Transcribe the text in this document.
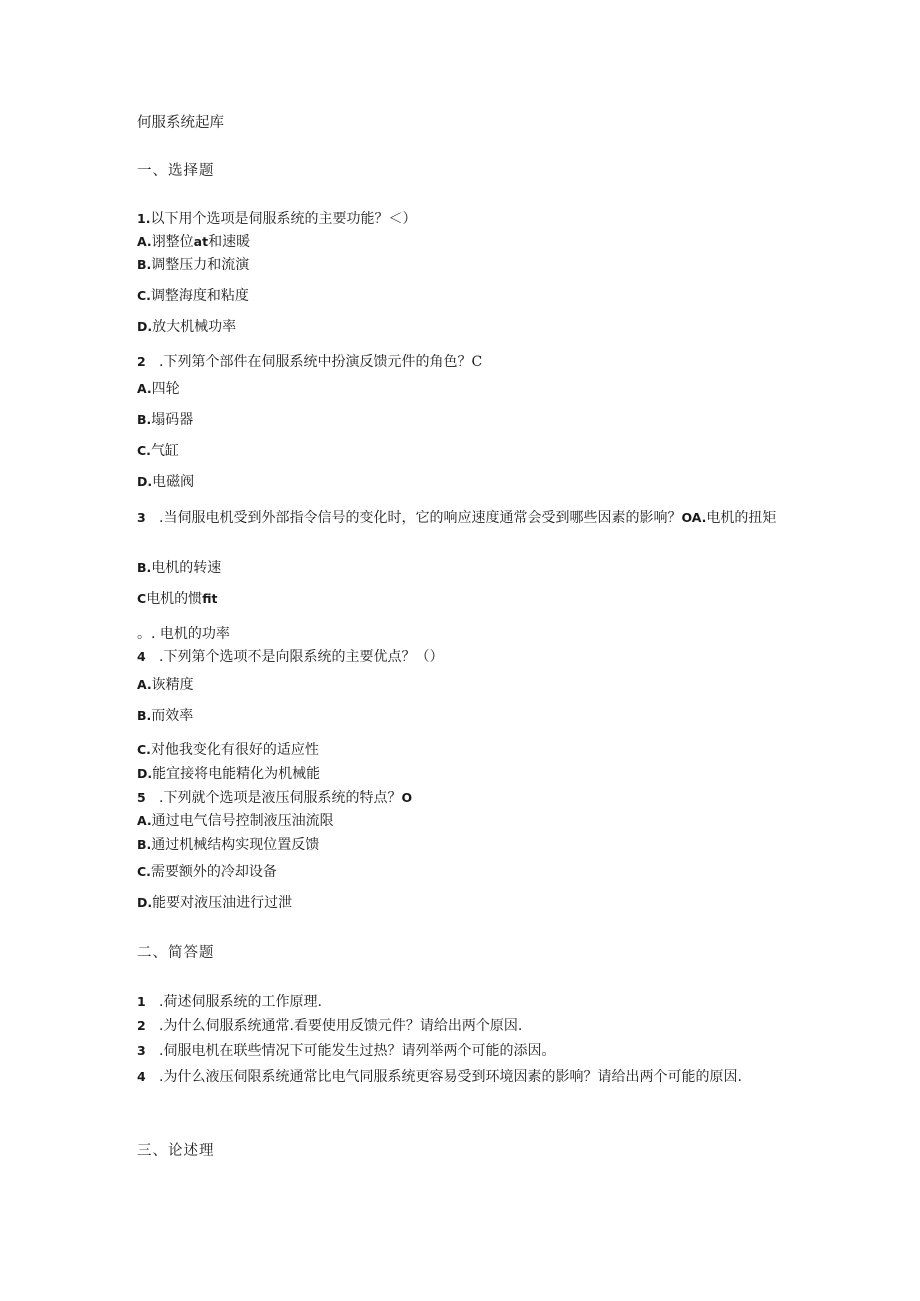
何服系统起库
一、选择题
1.以下用个选项是伺服系统的主要功能？＜）
A.诩整位at和速暖
B.调整压力和流演
C.调整海度和粘度
D.放大机械功率
2 .下列第个部件在伺服系统中扮演反馈元件的角色？C
A.四轮
B.塌码器
C.气缸
D.电磁阀
3 .当伺服电机受到外部指令信号的变化时，它的响应速度通常会受到哪些因素的影响？OA.电机的扭矩
B.电机的转速
C电机的惯fit
。. 电机的功率
4 .下列第个选项不是向限系统的主要优点？（）
A.诙精度
B.而效率
C.对他我变化有很好的适应性
D.能宜接将电能精化为机械能
5 .下列就个选项是液压伺服系统的特点？O
A.通过电气信号控制液压油流限
B.通过机械结构实现位置反馈
C.需要额外的冷却设备
D.能要对液压油进行过泄
二、简答题
1 .荷述伺服系统的工作原理.
2 .为什么伺服系统通常.看要使用反馈元件？请给出两个原因.
3 .伺服电机在联些情况下可能发生过热？请列举两个可能的添因。
4 .为什么液压伺限系统通常比电气同服系统更容易受到环境因素的影响？请给出两个可能的原因.
三、论述理
